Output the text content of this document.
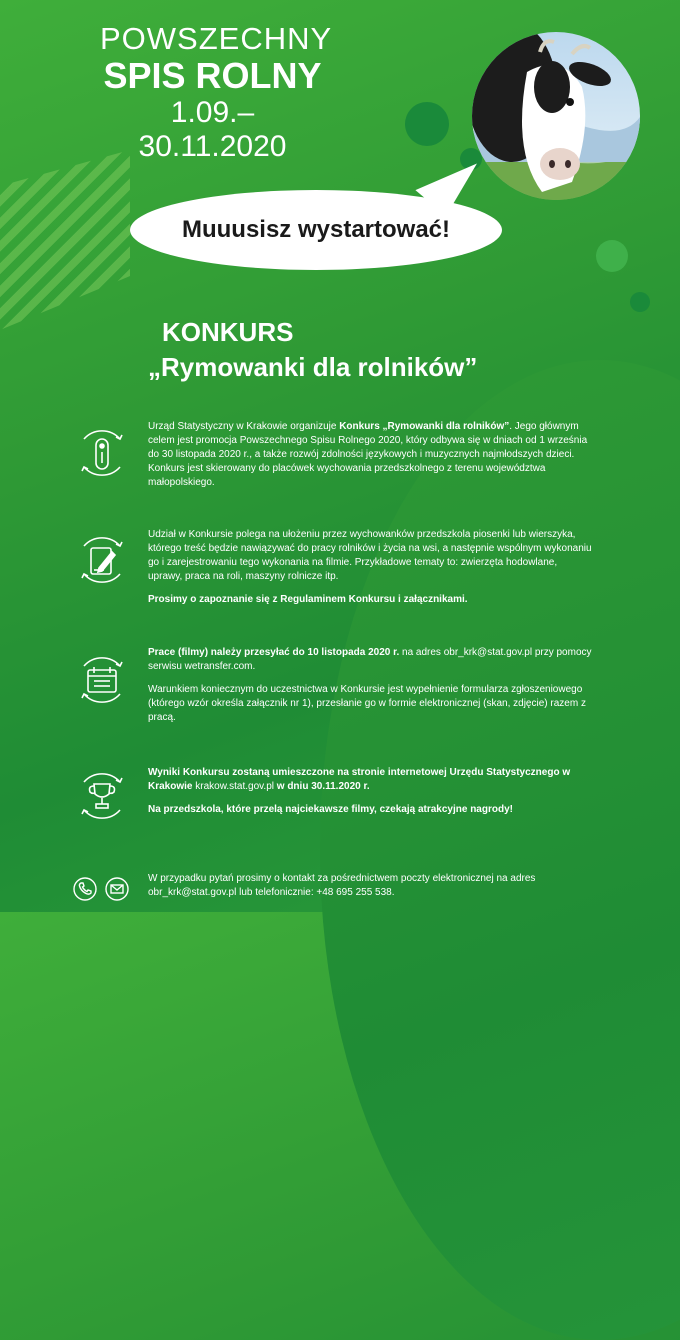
POWSZECHNY
SPIS ROLNY
1.09.–30.11.2020
Muuusisz wystartować!
KONKURS
„Rymowanki dla rolników”

Urząd Statystyczny w Krakowie organizuje Konkurs „Rymowanki dla rolników”. Jego głównym celem jest promocja Powszechnego Spisu Rolnego 2020, który odbywa się w dniach od 1 września do 30 listopada 2020 r., a także rozwój zdolności językowych i muzycznych najmłodszych dzieci. Konkurs jest skierowany do placówek wychowania przedszkolnego z terenu województwa małopolskiego.

Udział w Konkursie polega na ułożeniu przez wychowanków przedszkola piosenki lub wierszyka, którego treść będzie nawiązywać do pracy rolników i życia na wsi, a następnie wspólnym wykonaniu go i zarejestrowaniu tego wykonania na filmie. Przykładowe tematy to: zwierzęta hodowlane, uprawy, praca na roli, maszyny rolnicze itp.

Prosimy o zapoznanie się z Regulaminem Konkursu i załącznikami.

Prace (filmy) należy przesyłać do 10 listopada 2020 r. na adres obr_krk@stat.gov.pl przy pomocy serwisu wetransfer.com.

Warunkiem koniecznym do uczestnictwa w Konkursie jest wypełnienie formularza zgłoszeniowego (którego wzór określa załącznik nr 1), przesłanie go w formie elektronicznej (skan, zdjęcie) razem z pracą.

Wyniki Konkursu zostaną umieszczone na stronie internetowej Urzędu Statystycznego w Krakowie krakow.stat.gov.pl w dniu 30.11.2020 r.

Na przedszkola, które przelą najciekawsze filmy, czekają atrakcyjne nagrody!

W przypadku pytań prosimy o kontakt za pośrednictwem poczty elektronicznej na adres obr_krk@stat.gov.pl lub telefonicznie: +48 695 255 538.
